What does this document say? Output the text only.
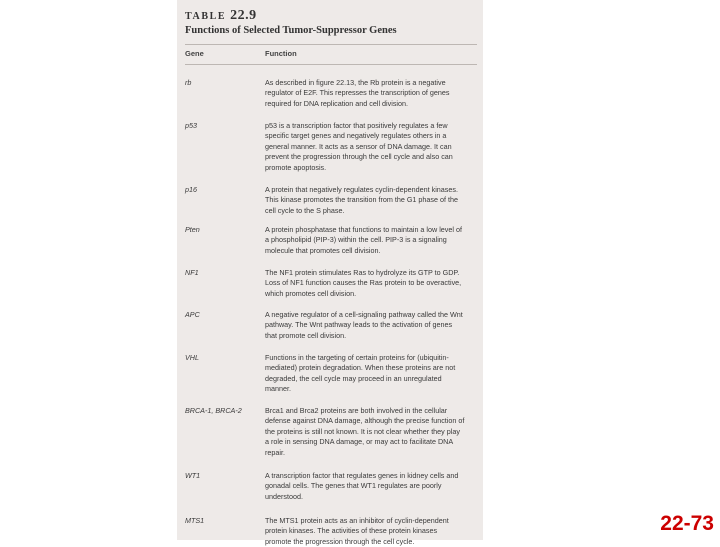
TABLE 22.9
Functions of Selected Tumor-Suppressor Genes
Gene	Function
rb	As described in figure 22.13, the Rb protein is a negative regulator of E2F. This represses the transcription of genes required for DNA replication and cell division.
p53	p53 is a transcription factor that positively regulates a few specific target genes and negatively regulates others in a general manner. It acts as a sensor of DNA damage. It can prevent the progression through the cell cycle and also can promote apoptosis.
p16	A protein that negatively regulates cyclin-dependent kinases. This kinase promotes the transition from the G1 phase of the cell cycle to the S phase.
Pten	A protein phosphatase that functions to maintain a low level of a phospholipid (PIP-3) within the cell. PIP-3 is a signaling molecule that promotes cell division.
NF1	The NF1 protein stimulates Ras to hydrolyze its GTP to GDP. Loss of NF1 function causes the Ras protein to be overactive, which promotes cell division.
APC	A negative regulator of a cell-signaling pathway called the Wnt pathway. The Wnt pathway leads to the activation of genes that promote cell division.
VHL	Functions in the targeting of certain proteins for (ubiquitin-mediated) protein degradation. When these proteins are not degraded, the cell cycle may proceed in an unregulated manner.
BRCA-1, BRCA-2	Brca1 and Brca2 proteins are both involved in the cellular defense against DNA damage, although the precise function of the proteins is still not known. It is not clear whether they play a role in sensing DNA damage, or may act to facilitate DNA repair.
WT1	A transcription factor that regulates genes in kidney cells and gonadal cells. The genes that WT1 regulates are poorly understood.
MTS1	The MTS1 protein acts as an inhibitor of cyclin-dependent protein kinases. The activities of these protein kinases promote the progression through the cell cycle.
22-73
